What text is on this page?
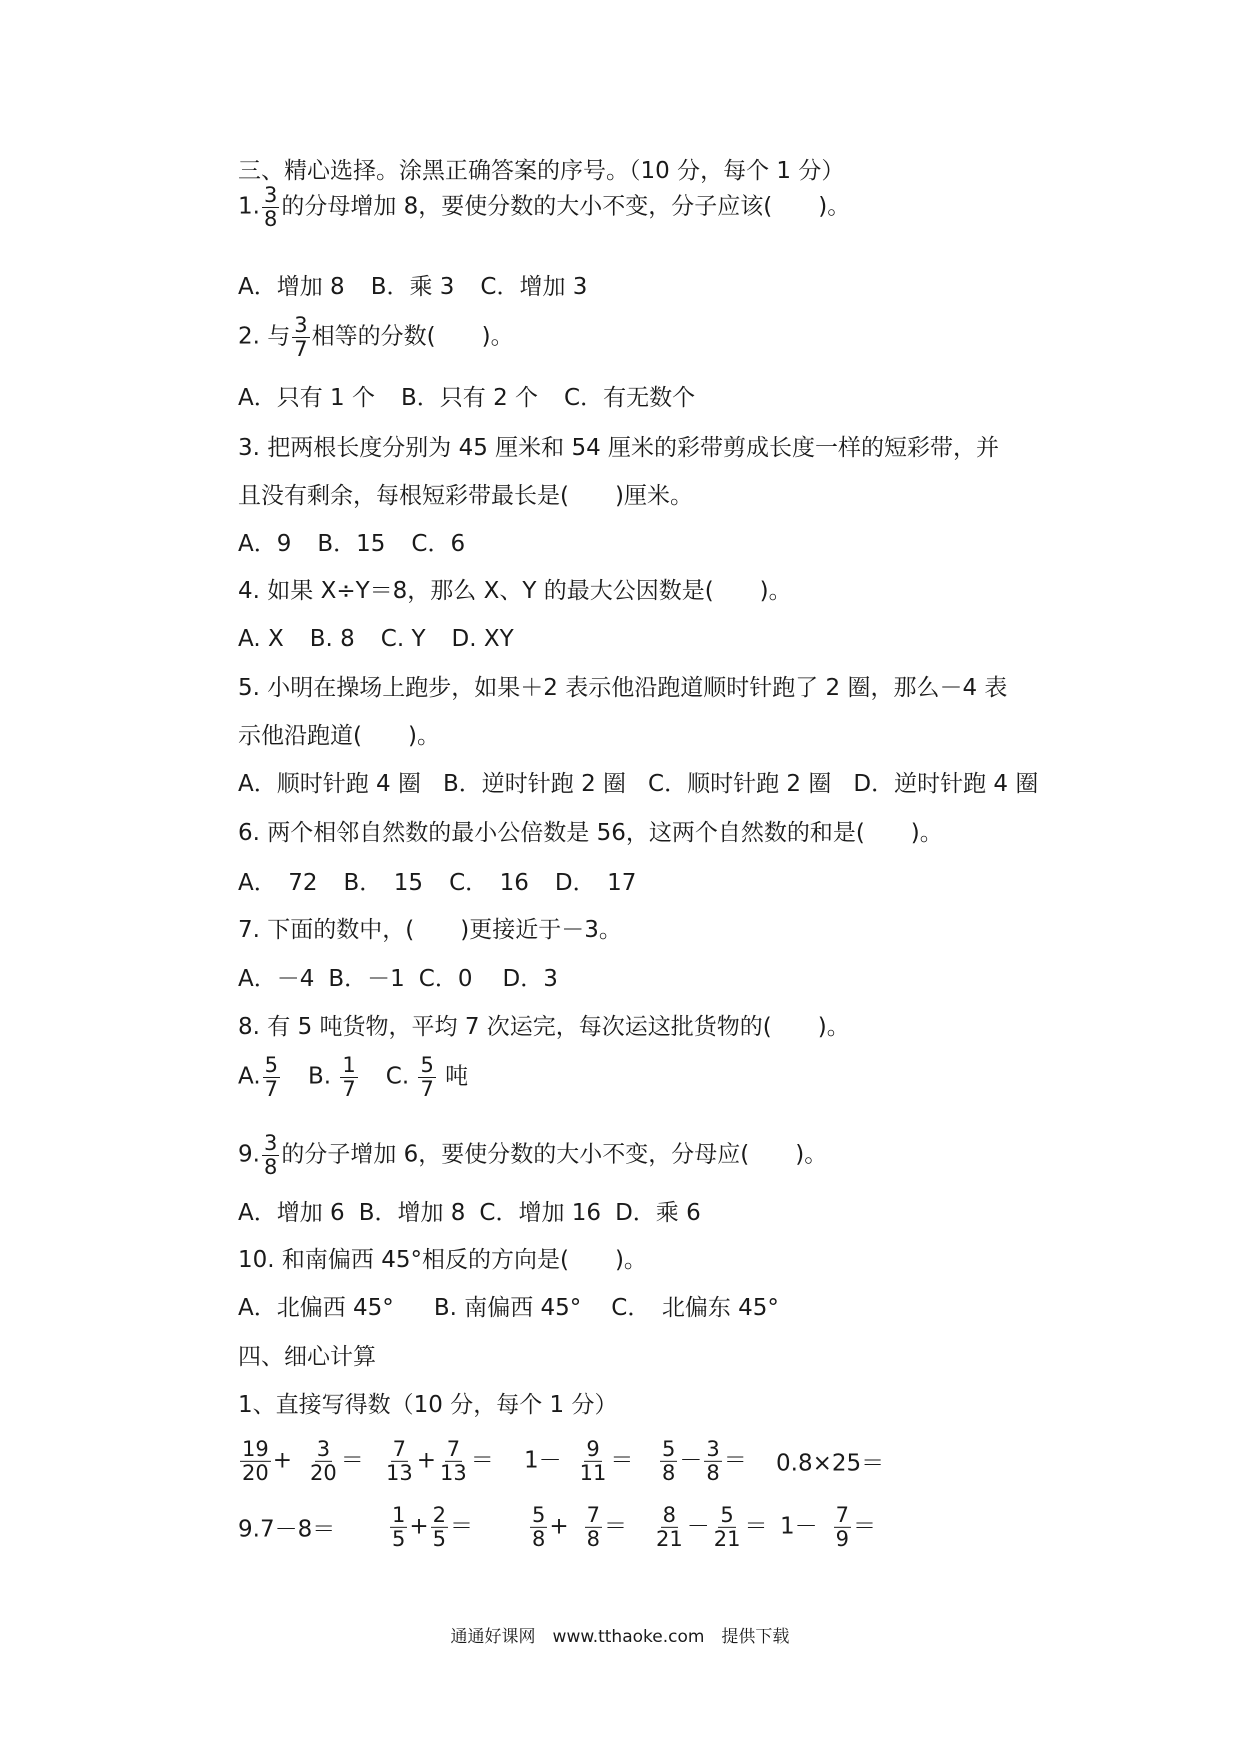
三、精心选择。涂黑正确答案的序号。（10 分，每个 1 分）
1. $\frac{3}{8}$ 的分母增加 8，要使分数的大小不变，分子应该(　　)。
A．增加 8 B．乘 3 C．增加 3
2. 与 $\frac{3}{7}$ 相等的分数(　　)。
A．只有 1 个 B．只有 2 个 C．有无数个
3. 把两根长度分别为 45 厘米和 54 厘米的彩带剪成长度一样的短彩带，并
且没有剩余，每根短彩带最长是(　　)厘米。
A．9 B．15 C．6
4. 如果 X÷Y＝8，那么 X、Y 的最大公因数是(　　)。
A. X B. 8 C. Y D. XY
5. 小明在操场上跑步，如果＋2 表示他沿跑道顺时针跑了 2 圈，那么－4 表
示他沿跑道(　　)。
A．顺时针跑 4 圈 B．逆时针跑 2 圈 C．顺时针跑 2 圈 D．逆时针跑 4 圈
6. 两个相邻自然数的最小公倍数是 56，这两个自然数的和是(　　)。
A．　72 B．　15 C．　16 D．　17
7. 下面的数中，(　　)更接近于－3。
A．－4 B．－1 C．0 D．3
8. 有 5 吨货物，平均 7 次运完，每次运这批货物的(　　)。
A. $\frac{5}{7} B$. $\frac{1}{7} C$. $\frac{5}{7}$ 吨
9. $\frac{3}{8}$ 的分子增加 6，要使分数的大小不变，分母应(　　)。
A．增加 6 B．增加 8 C．增加 16 D．乘 6
10. 和南偏西 45°相反的方向是(　　)。
A．北偏西 45° B. 南偏西 45° C．　北偏东 45°
四、细心计算
1、直接写得数（10 分，每个 1 分）
$\frac{19}{20} + \frac{3}{20} = \frac{7}{13} + \frac{7}{13} = 1- \frac{9}{11} = \frac{5}{8} - \frac{3}{8} = 0.8\times 25=$
9.7－8＝	$\frac{1}{5} + \frac{2}{5}$ ＝	$\frac{5}{8} + \frac{7}{8} = \frac{8}{21} - \frac{5}{21} = 1- \frac{7}{9}$ ＝
通通好课网　www.tthaoke.com　提供下载
